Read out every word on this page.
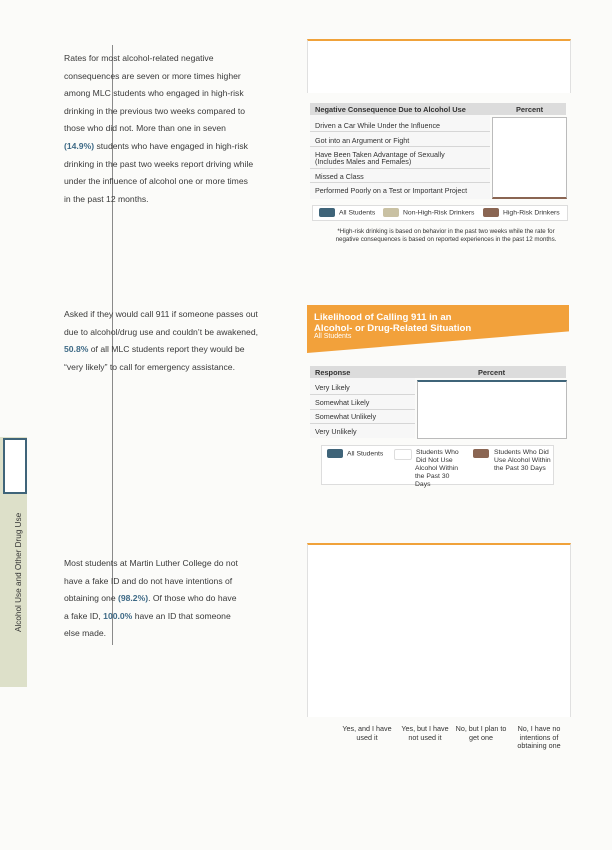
Rates for most alcohol-related negative
consequences are seven or more times higher
among MLC students who engaged in high-risk
drinking in the previous two weeks compared to
those who did not. More than one in seven
(14.9%) students who have engaged in high-risk
drinking in the past two weeks report driving while
under the influence of alcohol one or more times
in the past 12 months.
Negative Consequence Due to Alcohol Use	Percent
Driven a Car While Under the Influence
Got into an Argument or Fight
Have Been Taken Advantage of Sexually
(Includes Males and Females)
Missed a Class
Performed Poorly on a Test or Important Project
All Students	Non-High-Risk Drinkers	High-Risk Drinkers
*High-risk drinking is based on behavior in the past two weeks while the rate for
negative consequences is based on reported experiences in the past 12 months.
Asked if they would call 911 if someone passes out
due to alcohol/drug use and couldn’t be awakened,
50.8% of all MLC students report they would be
“very likely” to call for emergency assistance.
Likelihood of Calling 911 in an
Alcohol- or Drug-Related Situation
All Students
Response	Percent
Very Likely
Somewhat Likely
Somewhat Unlikely
Very Unlikely
All Students	Students Who Did Not Use Alcohol Within the Past 30 Days
Students Who Did Use Alcohol Within the Past 30 Days
Alcohol Use and Other Drug Use	Most students at Martin Luther College do not
have a fake ID and do not have intentions of
obtaining one (98.2%). Of those who do have
a fake ID, 100.0% have an ID that someone
else made.
Yes, and I have used it
Yes, but I have not used it
No, but I plan to get one
No, I have no intentions of obtaining one
